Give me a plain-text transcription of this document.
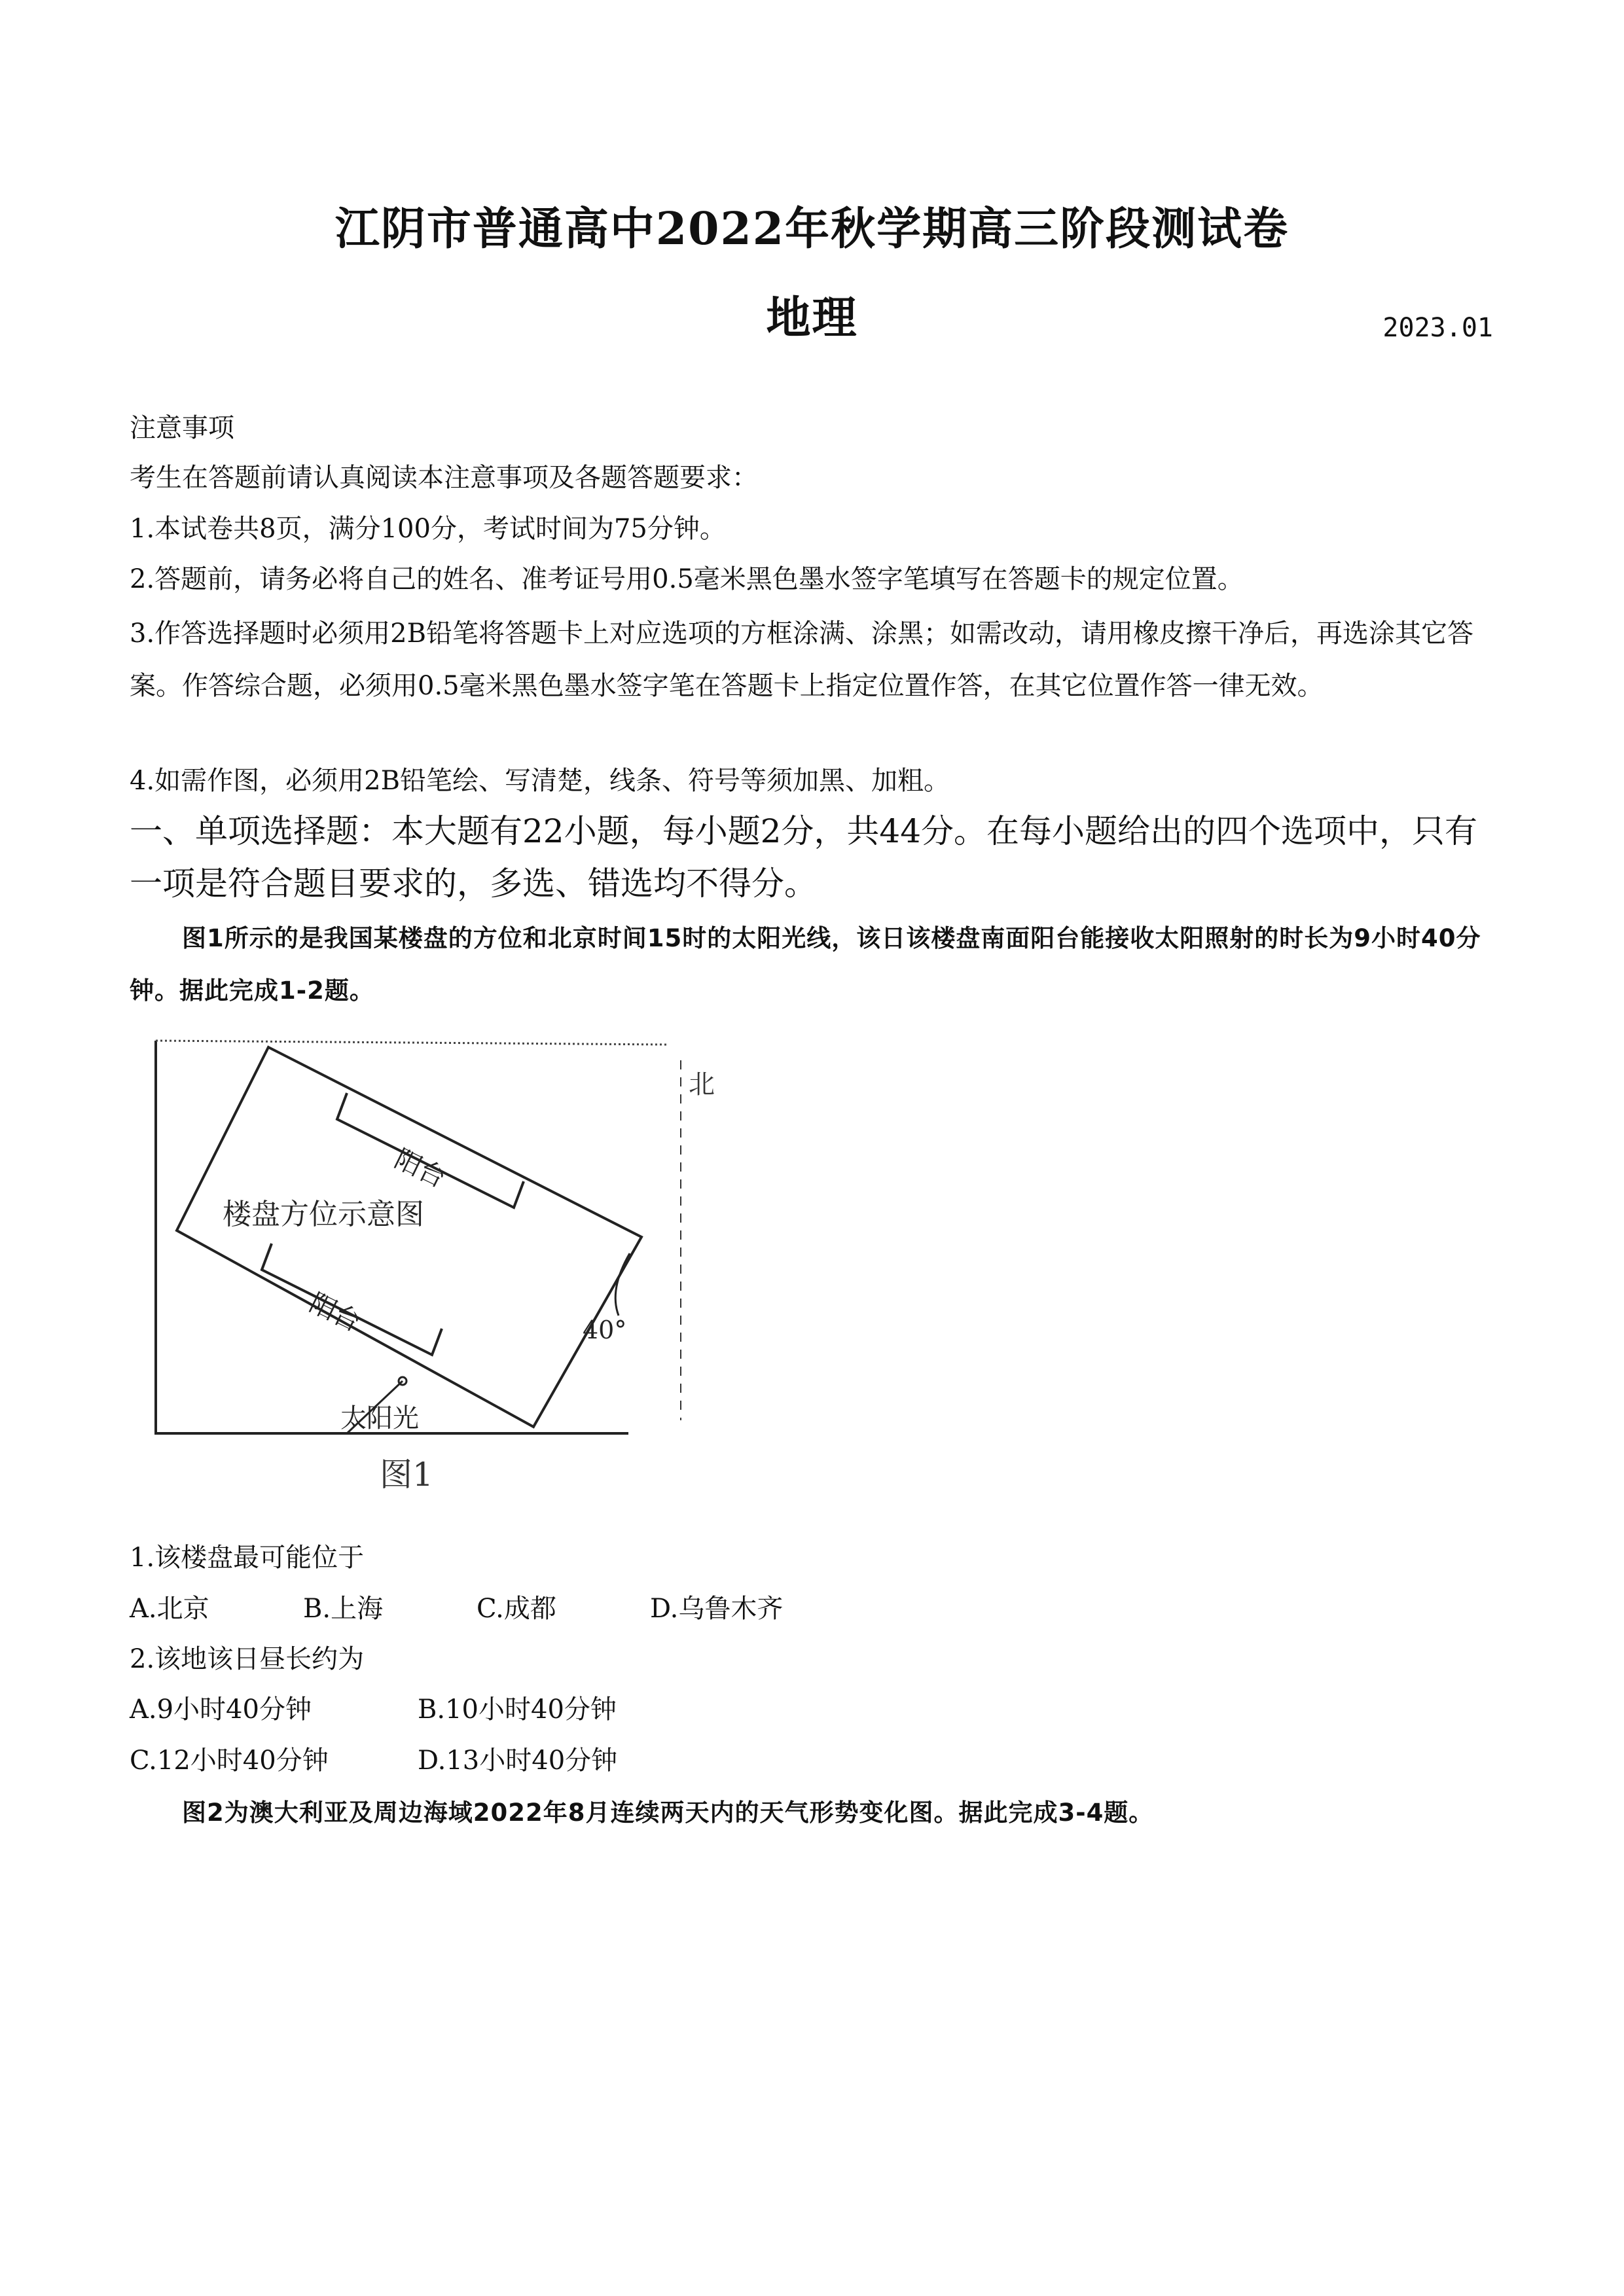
江阴市普通高中2022年秋学期高三阶段测试卷
地理	2023.01
注意事项
考生在答题前请认真阅读本注意事项及各题答题要求：
1.本试卷共8页，满分100分，考试时间为75分钟。
2.答题前，请务必将自己的姓名、准考证号用0.5毫米黑色墨水签字笔填写在答题卡的规定位置。
3.作答选择题时必须用2B铅笔将答题卡上对应选项的方框涂满、涂黑；如需改动，请用橡皮擦干净后，再选涂其它答案。作答综合题，必须用0.5毫米黑色墨水签字笔在答题卡上指定位置作答，在其它位置作答一律无效。
4.如需作图，必须用2B铅笔绘、写清楚，线条、符号等须加黑、加粗。
一、单项选择题：本大题有22小题，每小题2分，共44分。在每小题给出的四个选项中，只有一项是符合题目要求的，多选、错选均不得分。
图1所示的是我国某楼盘的方位和北京时间15时的太阳光线，该日该楼盘南面阳台能接收太阳照射的时长为9小时40分钟。据此完成1-2题。
北
阳台
楼盘方位示意图
阳台	40°
太阳光
图1
1.该楼盘最可能位于
A.北京	B.上海	C.成都	D.乌鲁木齐
2.该地该日昼长约为
A.9小时40分钟	B.10小时40分钟
C.12小时40分钟	D.13小时40分钟
图2为澳大利亚及周边海域2022年8月连续两天内的天气形势变化图。据此完成3-4题。
